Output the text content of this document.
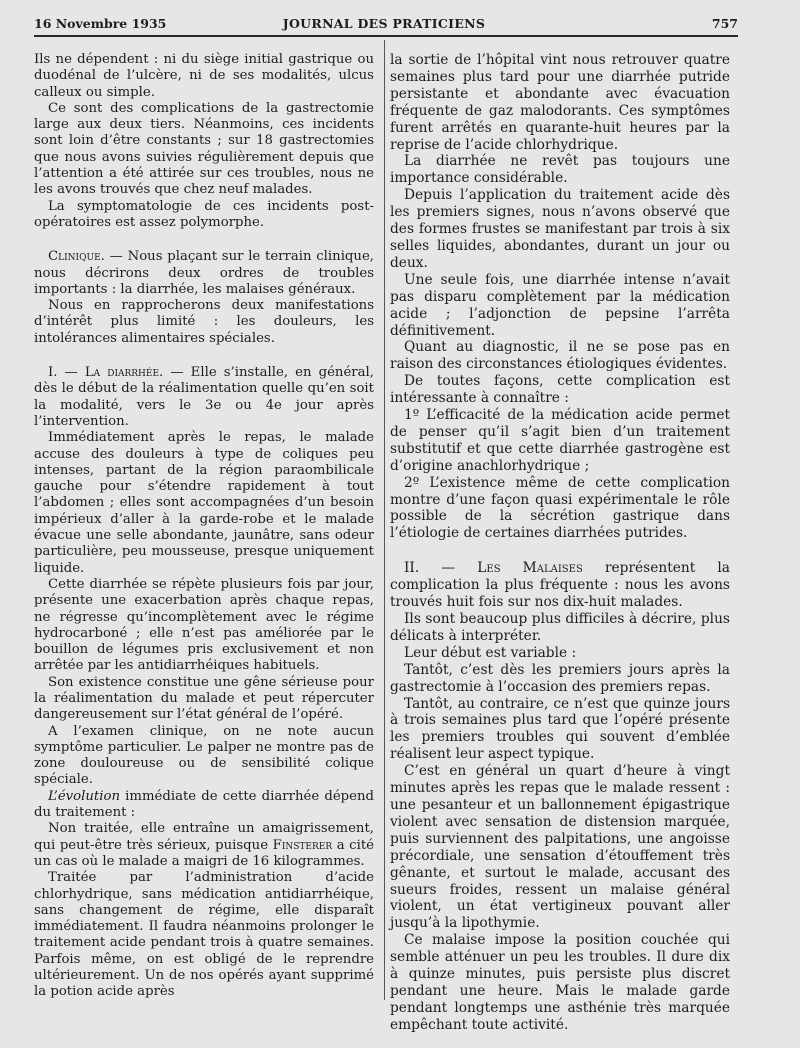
16 Novembre 1935	JOURNAL DES PRATICIENS	757

Ils ne dépendent : ni du siège initial gastrique ou duodénal de l’ulcère, ni de ses modalités, ulcus calleux ou simple.

Ce sont des complications de la gastrectomie large aux deux tiers. Néanmoins, ces incidents sont loin d’être constants ; sur 18 gastrectomies que nous avons suivies régulièrement depuis que l’attention a été attirée sur ces troubles, nous ne les avons trouvés que chez neuf malades.

La symptomatologie de ces incidents post-opératoires est assez polymorphe.

Clinique. — Nous plaçant sur le terrain clinique, nous décrirons deux ordres de troubles importants : la diarrhée, les malaises généraux.

Nous en rapprocherons deux manifestations d’intérêt plus limité : les douleurs, les intolérances alimentaires spéciales.

I. — La diarrhée. — Elle s’installe, en général, dès le début de la réalimentation quelle qu’en soit la modalité, vers le 3e ou 4e jour après l’intervention.

Immédiatement après le repas, le malade accuse des douleurs à type de coliques peu intenses, partant de la région paraombilicale gauche pour s’étendre rapidement à tout l’abdomen ; elles sont accompagnées d’un besoin impérieux d’aller à la garde-robe et le malade évacue une selle abondante, jaunâtre, sans odeur particulière, peu mousseuse, presque uniquement liquide.

Cette diarrhée se répète plusieurs fois par jour, présente une exacerbation après chaque repas, ne régresse qu’incomplètement avec le régime hydrocarboné ; elle n’est pas améliorée par le bouillon de légumes pris exclusivement et non arrêtée par les antidiarrhéiques habituels.

Son existence constitue une gêne sérieuse pour la réalimentation du malade et peut répercuter dangereusement sur l’état général de l’opéré.

A l’examen clinique, on ne note aucun symptôme particulier. Le palper ne montre pas de zone douloureuse ou de sensibilité colique spéciale.

L’évolution immédiate de cette diarrhée dépend du traitement :

Non traitée, elle entraîne un amaigrissement, qui peut-être très sérieux, puisque Finsterer a cité un cas où le malade a maigri de 16 kilogrammes.

Traitée par l’administration d’acide chlorhydrique, sans médication antidiarrhéique, sans changement de régime, elle disparaît immédiatement. Il faudra néanmoins prolonger le traitement acide pendant trois à quatre semaines. Parfois même, on est obligé de le reprendre ultérieurement. Un de nos opérés ayant supprimé la potion acide après

la sortie de l’hôpital vint nous retrouver quatre semaines plus tard pour une diarrhée putride persistante et abondante avec évacuation fréquente de gaz malodorants. Ces symptômes furent arrêtés en quarante-huit heures par la reprise de l’acide chlorhydrique.

La diarrhée ne revêt pas toujours une importance considérable.

Depuis l’application du traitement acide dès les premiers signes, nous n’avons observé que des formes frustes se manifestant par trois à six selles liquides, abondantes, durant un jour ou deux.

Une seule fois, une diarrhée intense n’avait pas disparu complètement par la médication acide ; l’adjonction de pepsine l’arrêta définitivement.

Quant au diagnostic, il ne se pose pas en raison des circonstances étiologiques évidentes.

De toutes façons, cette complication est intéressante à connaître :

1º L’efficacité de la médication acide permet de penser qu’il s’agit bien d’un traitement substitutif et que cette diarrhée gastrogène est d’origine anachlorhydrique ;

2º L’existence même de cette complication montre d’une façon quasi expérimentale le rôle possible de la sécrétion gastrique dans l’étiologie de certaines diarrhées putrides.

II. — Les Malaises représentent la complication la plus fréquente : nous les avons trouvés huit fois sur nos dix-huit malades.

Ils sont beaucoup plus difficiles à décrire, plus délicats à interpréter.

Leur début est variable :

Tantôt, c’est dès les premiers jours après la gastrectomie à l’occasion des premiers repas.

Tantôt, au contraire, ce n’est que quinze jours à trois semaines plus tard que l’opéré présente les premiers troubles qui souvent d’emblée réalisent leur aspect typique.

C’est en général un quart d’heure à vingt minutes après les repas que le malade ressent : une pesanteur et un ballonnement épigastrique violent avec sensation de distension marquée, puis surviennent des palpitations, une angoisse précordiale, une sensation d’étouffement très gênante, et surtout le malade, accusant des sueurs froides, ressent un malaise général violent, un état vertigineux pouvant aller jusqu’à la lipothymie.

Ce malaise impose la position couchée qui semble atténuer un peu les troubles. Il dure dix à quinze minutes, puis persiste plus discret pendant une heure. Mais le malade garde pendant longtemps une asthénie très marquée empêchant toute activité.
